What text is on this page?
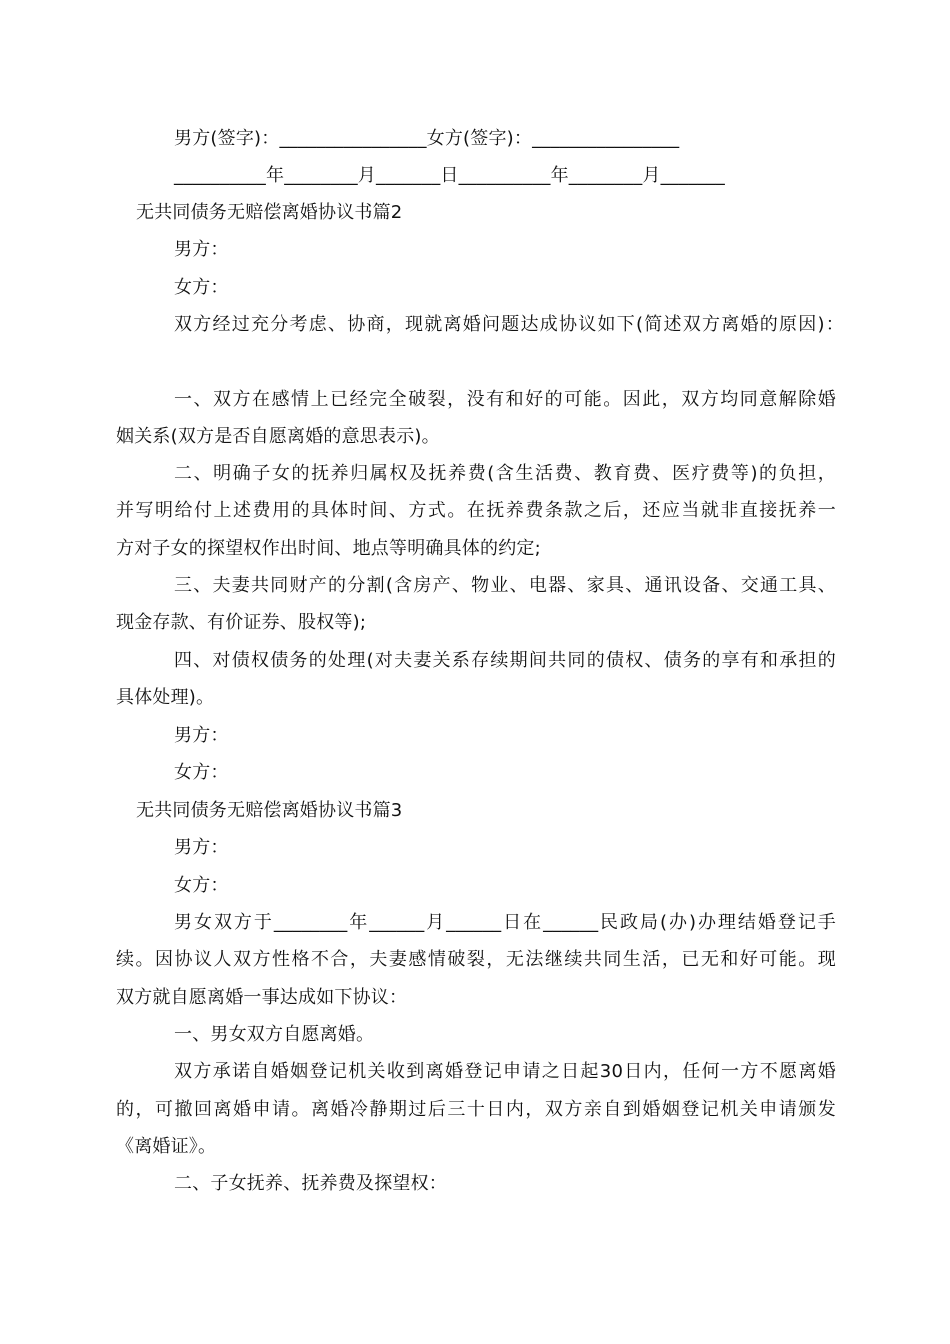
男方(签字)：________________女方(签字)：________________
__________年________月_______日__________年________月_______
无共同债务无赔偿离婚协议书篇2
男方：
女方：
双方经过充分考虑、协商，现就离婚问题达成协议如下(简述双方离婚的原因)：
一、双方在感情上已经完全破裂，没有和好的可能。因此，双方均同意解除婚
姻关系(双方是否自愿离婚的意思表示)。
二、明确子女的抚养归属权及抚养费(含生活费、教育费、医疗费等)的负担，
并写明给付上述费用的具体时间、方式。在抚养费条款之后，还应当就非直接抚养一
方对子女的探望权作出时间、地点等明确具体的约定;
三、夫妻共同财产的分割(含房产、物业、电器、家具、通讯设备、交通工具、
现金存款、有价证券、股权等);
四、对债权债务的处理(对夫妻关系存续期间共同的债权、债务的享有和承担的
具体处理)。
男方：
女方：
无共同债务无赔偿离婚协议书篇3
男方：
女方：
男女双方于________年______月______日在______民政局(办)办理结婚登记手
续。因协议人双方性格不合，夫妻感情破裂，无法继续共同生活，已无和好可能。现
双方就自愿离婚一事达成如下协议：
一、男女双方自愿离婚。
双方承诺自婚姻登记机关收到离婚登记申请之日起30日内，任何一方不愿离婚
的，可撤回离婚申请。离婚冷静期过后三十日内，双方亲自到婚姻登记机关申请颁发
《离婚证》。
二、子女抚养、抚养费及探望权：
